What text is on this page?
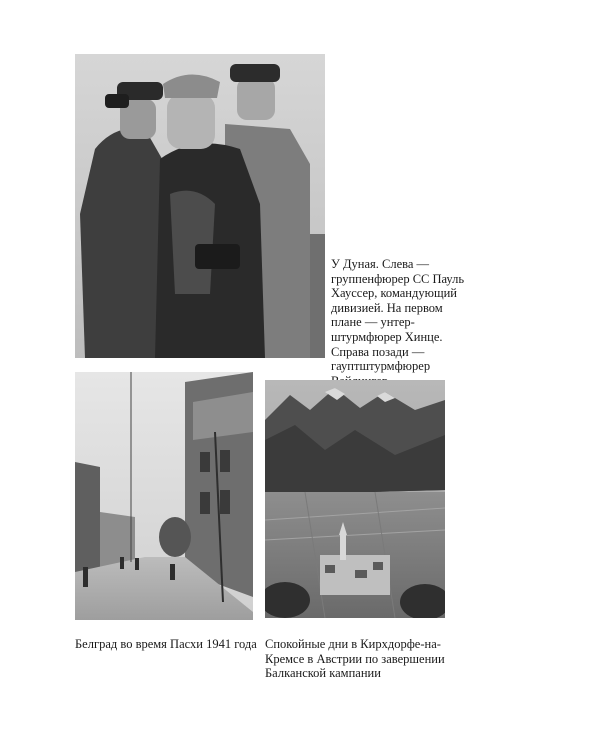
У Дуная. Слева —
группенфюрер СС Пауль
Хауссер, командующий
дивизией. На первом
плане — унтер-
штурмфюрер Хинце.
Справа позади —
гауптштурмфюрер

Белград во время Пасхи 1941 года Спокойные дни в Кирхдорфе-на-
Кремсе в Австрии по завершении
Балканской кампании
